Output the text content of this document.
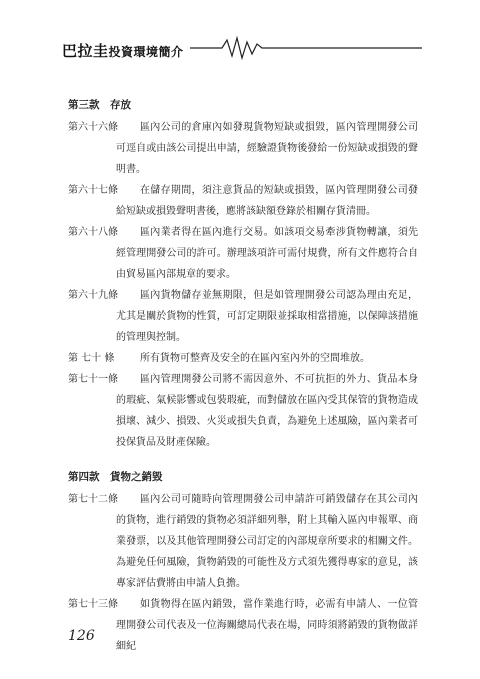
巴拉圭投資環境簡介
第三款　存放
第六十六條	區內公司的倉庫內如發現貨物短缺或損毀，區內管理開發公司可逕自或由該公司提出申請，經驗證貨物後發給一份短缺或損毀的聲明書。
第六十七條	在儲存期間，須注意貨品的短缺或損毀，區內管理開發公司發給短缺或損毀聲明書後，應將該缺額登錄於相關存貨清冊。
第六十八條	區內業者得在區內進行交易。如該項交易牽涉貨物轉讓，須先經管理開發公司的許可。辦理該項許可需付規費，所有文件應符合自由貿易區內部規章的要求。
第六十九條	區內貨物儲存並無期限，但是如管理開發公司認為理由充足，尤其是關於貨物的性質，可訂定期限並採取相當措施，以保障該措施的管理與控制。
第 七十 條	所有貨物可整齊及安全的在區內室內外的空間堆放。
第七十一條	區內管理開發公司將不需因意外、不可抗拒的外力、貨品本身的瑕疵、氣候影響或包裝瑕疵，而對儲放在區內受其保管的貨物造成損壞、減少、損毀、火災或損失負責，為避免上述風險，區內業者可投保貨品及財產保險。
第四款　貨物之銷毀
第七十二條	區內公司可隨時向管理開發公司申請許可銷毀儲存在其公司內的貨物，進行銷毀的貨物必須詳細列舉，附上其輸入區內申報單、商業發票，以及其他管理開發公司訂定的內部規章所要求的相關文件。為避免任何風險，貨物銷毀的可能性及方式須先獲得專家的意見，該專家評估費將由申請人負擔。
第七十三條	如貨物得在區內銷毀，當作業進行時，必需有申請人、一位管理開發公司代表及一位海關總局代表在場，同時須將銷毀的貨物做詳細紀
126
